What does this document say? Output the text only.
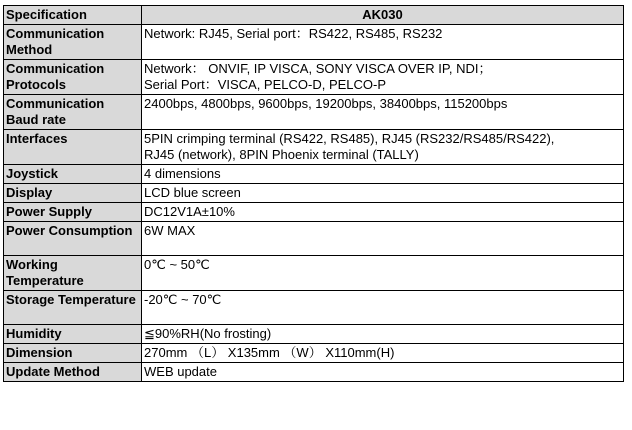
Specification	AK030
Communication Method	Network: RJ45, Serial port：RS422, RS485, RS232

Communication Protocols	Network： ONVIF, IP VISCA, SONY VISCA OVER IP, NDI；
Serial Port：VISCA, PELCO-D, PELCO-P

Communication Baud rate	2400bps, 4800bps, 9600bps, 19200bps, 38400bps, 115200bps

Interfaces	5PIN crimping terminal (RS422, RS485), RJ45 (RS232/RS485/RS422),
RJ45 (network), 8PIN Phoenix terminal (TALLY)

Joystick	4 dimensions

Display	LCD blue screen

Power Supply	DC12V1A±10%

Power Consumption	6W MAX

Working Temperature	0℃ ~ 50℃

Storage Temperature	-20℃ ~ 70℃

Humidity	≦90%RH(No frosting)

Dimension	270mm （L） X135mm （W） X110mm(H)

Update Method	WEB update
